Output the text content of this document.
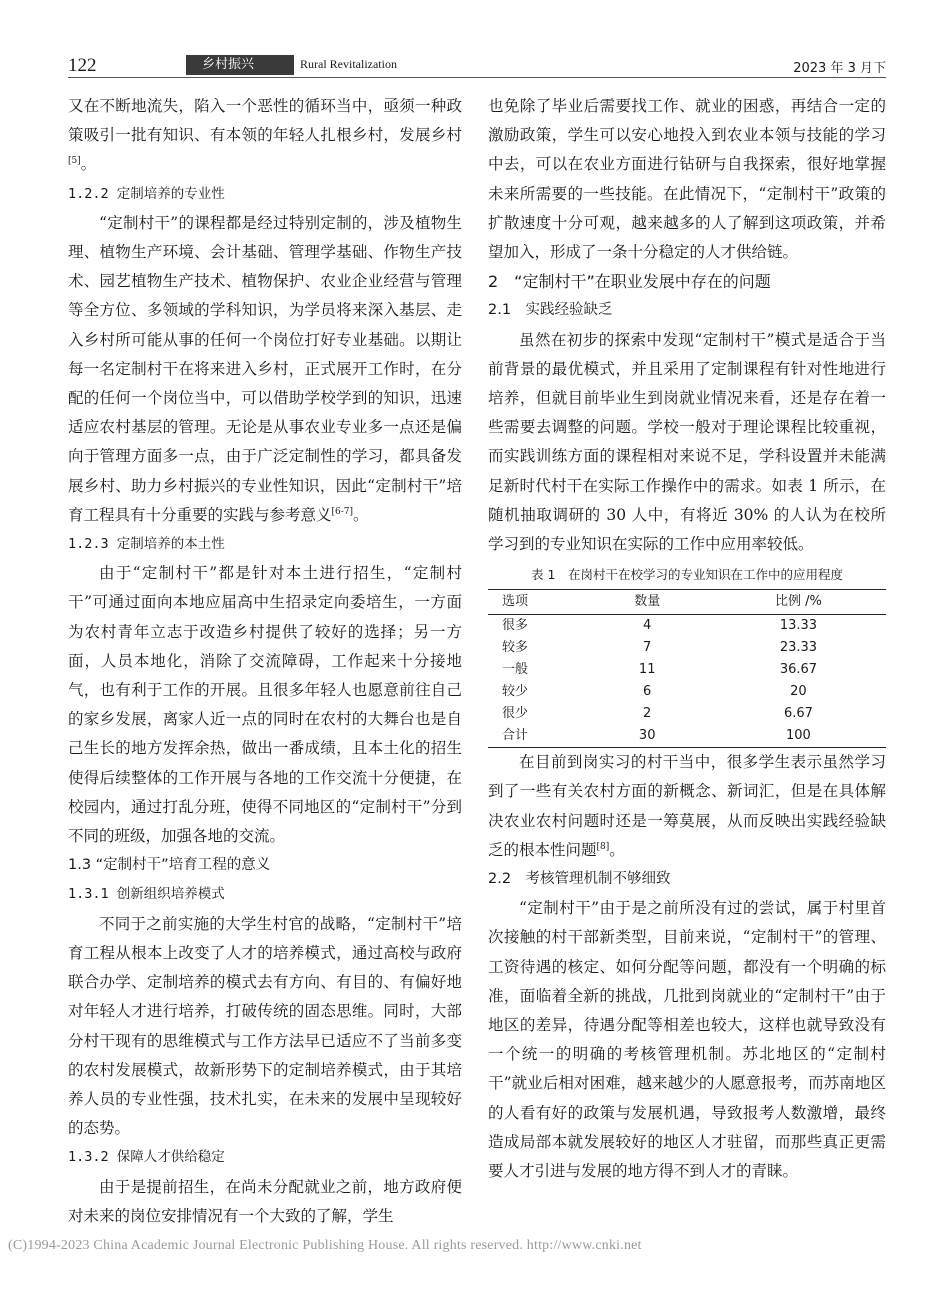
122	乡村振兴	Rural Revitalization	2023 年 3 月下

又在不断地流失，陷入一个恶性的循环当中，亟须一种政策吸引一批有知识、有本领的年轻人扎根乡村，发展乡村[5]。

1.2.2 定制培养的专业性

“定制村干”的课程都是经过特别定制的，涉及植物生理、植物生产环境、会计基础、管理学基础、作物生产技术、园艺植物生产技术、植物保护、农业企业经营与管理等全方位、多领域的学科知识，为学员将来深入基层、走入乡村所可能从事的任何一个岗位打好专业基础。以期让每一名定制村干在将来进入乡村，正式展开工作时，在分配的任何一个岗位当中，可以借助学校学到的知识，迅速适应农村基层的管理。无论是从事农业专业多一点还是偏向于管理方面多一点，由于广泛定制性的学习，都具备发展乡村、助力乡村振兴的专业性知识，因此“定制村干”培育工程具有十分重要的实践与参考意义[6-7]。

1.2.3 定制培养的本土性

由于“定制村干”都是针对本土进行招生，“定制村干”可通过面向本地应届高中生招录定向委培生，一方面为农村青年立志于改造乡村提供了较好的选择；另一方面，人员本地化，消除了交流障碍，工作起来十分接地气，也有利于工作的开展。且很多年轻人也愿意前往自己的家乡发展，离家人近一点的同时在农村的大舞台也是自己生长的地方发挥余热，做出一番成绩，且本土化的招生使得后续整体的工作开展与各地的工作交流十分便捷，在校园内，通过打乱分班，使得不同地区的“定制村干”分到不同的班级，加强各地的交流。

1.3 “定制村干”培育工程的意义

1.3.1 创新组织培养模式

不同于之前实施的大学生村官的战略，“定制村干”培育工程从根本上改变了人才的培养模式，通过高校与政府联合办学、定制培养的模式去有方向、有目的、有偏好地对年轻人才进行培养，打破传统的固态思维。同时，大部分村干现有的思维模式与工作方法早已适应不了当前多变的农村发展模式，故新形势下的定制培养模式，由于其培养人员的专业性强，技术扎实，在未来的发展中呈现较好的态势。

1.3.2 保障人才供给稳定

由于是提前招生，在尚未分配就业之前，地方政府便对未来的岗位安排情况有一个大致的了解，学生

也免除了毕业后需要找工作、就业的困惑，再结合一定的激励政策，学生可以安心地投入到农业本领与技能的学习中去，可以在农业方面进行钻研与自我探索，很好地掌握未来所需要的一些技能。在此情况下，“定制村干”政策的扩散速度十分可观，越来越多的人了解到这项政策，并希望加入，形成了一条十分稳定的人才供给链。

2　“定制村干”在职业发展中存在的问题

2.1　实践经验缺乏

虽然在初步的探索中发现“定制村干”模式是适合于当前背景的最优模式，并且采用了定制课程有针对性地进行培养，但就目前毕业生到岗就业情况来看，还是存在着一些需要去调整的问题。学校一般对于理论课程比较重视，而实践训练方面的课程相对来说不足，学科设置并未能满足新时代村干在实际工作操作中的需求。如表 1 所示，在随机抽取调研的 30 人中，有将近 30% 的人认为在校所学习到的专业知识在实际的工作中应用率较低。

表 1　在岗村干在校学习的专业知识在工作中的应用程度
选项	数量	比例 /%
很多	4	13.33
较多	7	23.33
一般	11	36.67
较少	6	20
很少	2	6.67
合计	30	100

在目前到岗实习的村干当中，很多学生表示虽然学习到了一些有关农村方面的新概念、新词汇，但是在具体解决农业农村问题时还是一筹莫展，从而反映出实践经验缺乏的根本性问题[8]。

2.2　考核管理机制不够细致

“定制村干”由于是之前所没有过的尝试，属于村里首次接触的村干部新类型，目前来说，“定制村干”的管理、工资待遇的核定、如何分配等问题，都没有一个明确的标准，面临着全新的挑战，几批到岗就业的“定制村干”由于地区的差异，待遇分配等相差也较大，这样也就导致没有一个统一的明确的考核管理机制。苏北地区的“定制村干”就业后相对困难，越来越少的人愿意报考，而苏南地区的人看有好的政策与发展机遇，导致报考人数激增，最终造成局部本就发展较好的地区人才驻留，而那些真正更需要人才引进与发展的地方得不到人才的青睐。

(C)1994-2023 China Academic Journal Electronic Publishing House. All rights reserved. http://www.cnki.net
